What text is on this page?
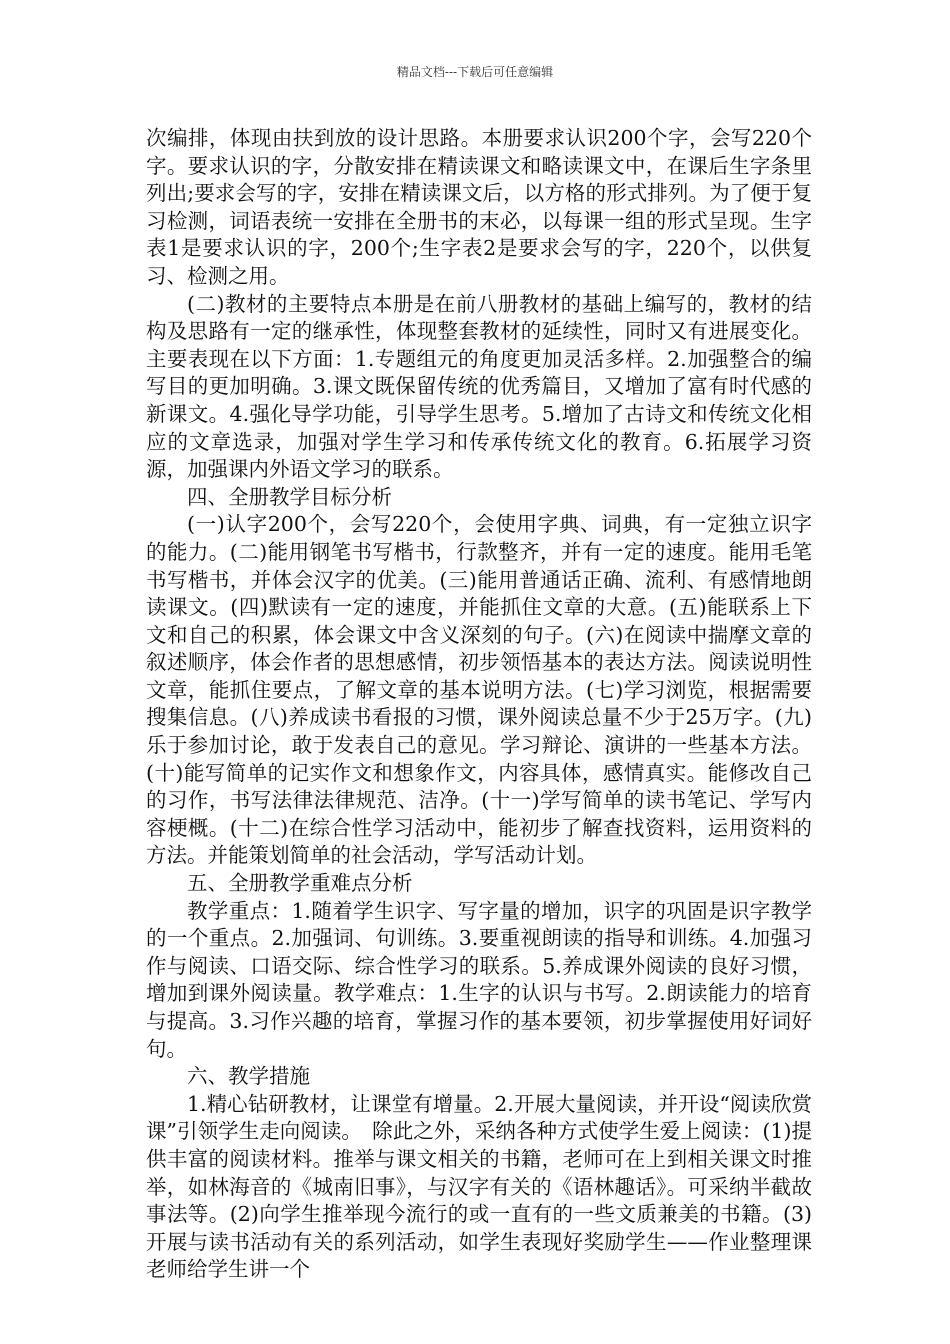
精品文档---下载后可任意编辑

次编排，体现由扶到放的设计思路。本册要求认识200个字，会写220个字。要求认识的字，分散安排在精读课文和略读课文中，在课后生字条里列出;要求会写的字，安排在精读课文后，以方格的形式排列。为了便于复习检测，词语表统一安排在全册书的末必，以每课一组的形式呈现。生字表1是要求认识的字，200个;生字表2是要求会写的字，220个，以供复习、检测之用。

(二)教材的主要特点本册是在前八册教材的基础上编写的，教材的结构及思路有一定的继承性，体现整套教材的延续性，同时又有进展变化。主要表现在以下方面：1.专题组元的角度更加灵活多样。2.加强整合的编写目的更加明确。3.课文既保留传统的优秀篇目，又增加了富有时代感的新课文。4.强化导学功能，引导学生思考。5.增加了古诗文和传统文化相应的文章选录，加强对学生学习和传承传统文化的教育。6.拓展学习资源，加强课内外语文学习的联系。

四、全册教学目标分析

(一)认字200个，会写220个，会使用字典、词典，有一定独立识字的能力。(二)能用钢笔书写楷书，行款整齐，并有一定的速度。能用毛笔书写楷书，并体会汉字的优美。(三)能用普通话正确、流利、有感情地朗读课文。(四)默读有一定的速度，并能抓住文章的大意。(五)能联系上下文和自己的积累，体会课文中含义深刻的句子。(六)在阅读中揣摩文章的叙述顺序，体会作者的思想感情，初步领悟基本的表达方法。阅读说明性文章，能抓住要点，了解文章的基本说明方法。(七)学习浏览，根据需要搜集信息。(八)养成读书看报的习惯，课外阅读总量不少于25万字。(九)乐于参加讨论，敢于发表自己的意见。学习辩论、演讲的一些基本方法。(十)能写简单的记实作文和想象作文，内容具体，感情真实。能修改自己的习作，书写法律法律规范、洁净。(十一)学写简单的读书笔记、学写内容梗概。(十二)在综合性学习活动中，能初步了解查找资料，运用资料的方法。并能策划简单的社会活动，学写活动计划。

五、全册教学重难点分析

教学重点：1.随着学生识字、写字量的增加，识字的巩固是识字教学的一个重点。2.加强词、句训练。3.要重视朗读的指导和训练。4.加强习作与阅读、口语交际、综合性学习的联系。5.养成课外阅读的良好习惯，增加到课外阅读量。教学难点：1.生字的认识与书写。2.朗读能力的培育与提高。3.习作兴趣的培育，掌握习作的基本要领，初步掌握使用好词好句。

六、教学措施

1.精心钻研教材，让课堂有增量。2.开展大量阅读，并开设“阅读欣赏课”引领学生走向阅读。　除此之外，采纳各种方式使学生爱上阅读：(1)提供丰富的阅读材料。推举与课文相关的书籍，老师可在上到相关课文时推举，如林海音的《城南旧事》，与汉字有关的《语林趣话》。可采纳半截故事法等。(2)向学生推举现今流行的或一直有的一些文质兼美的书籍。(3)开展与读书活动有关的系列活动，如学生表现好奖励学生——作业整理课老师给学生讲一个
